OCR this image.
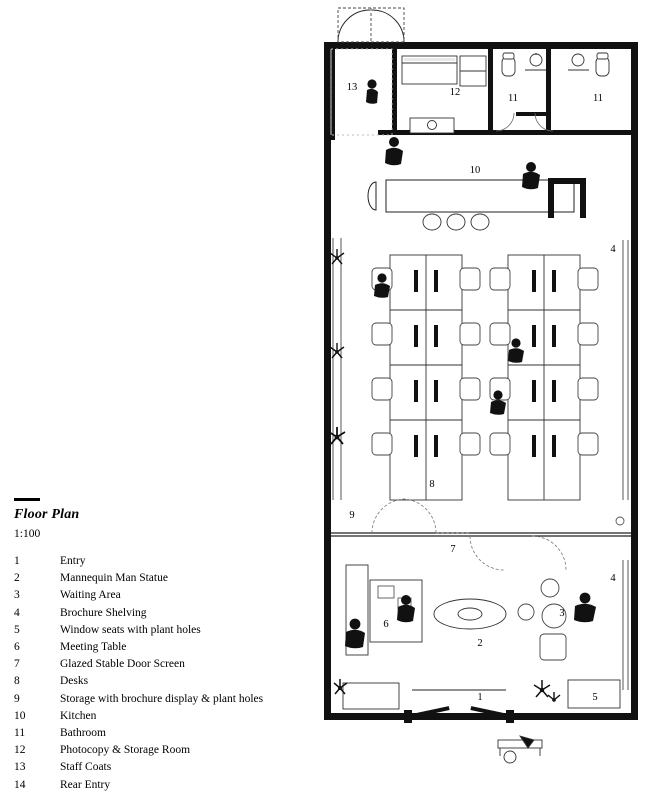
Floor Plan
1:100
1	Entry
2	Mannequin Man Statue
3	Waiting Area
4	Brochure Shelving
5	Window seats with plant holes
6	Meeting Table
7	Glazed Stable Door Screen
8	Desks
9	Storage with brochure display & plant holes
10	Kitchen
11	Bathroom
12	Photocopy & Storage Room
13	Staff Coats
14	Rear Entry
13	12
11	11
10
4
9
8
7
4
6
3
2
5
1
